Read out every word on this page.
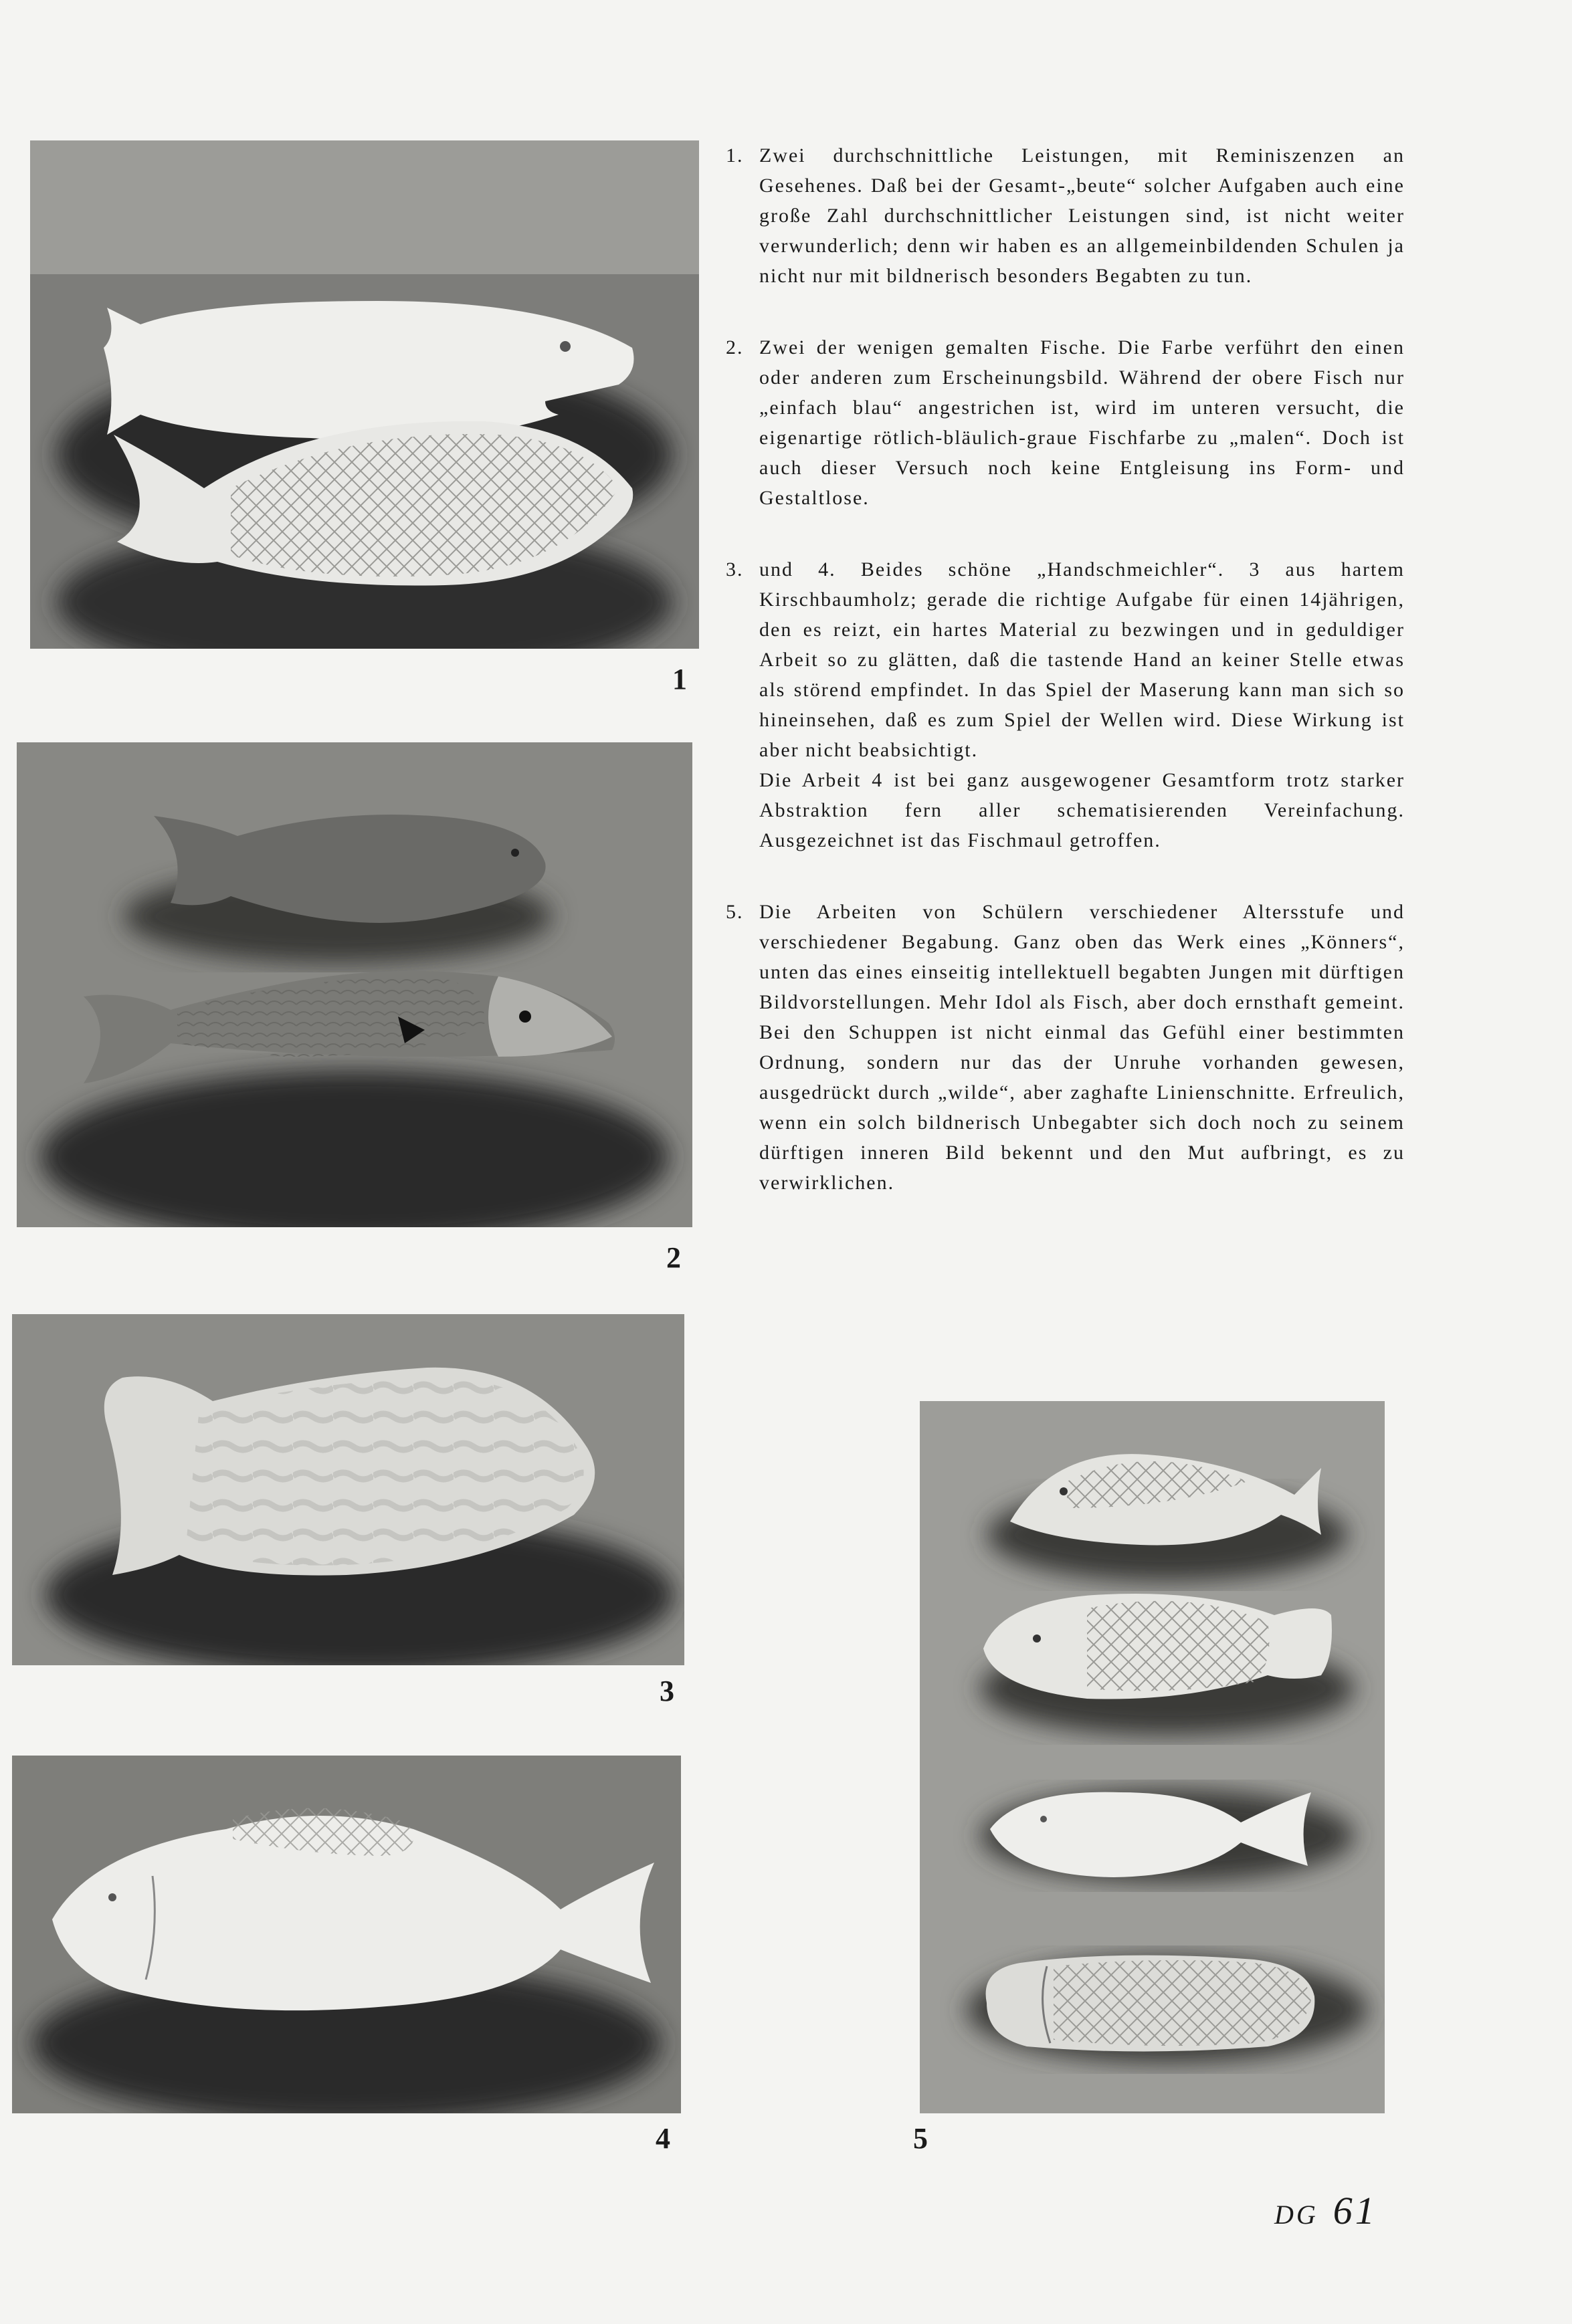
1
2
3
4	5
1. Zwei durchschnittliche Leistungen, mit Reminiszenzen an Gesehenes. Daß bei der Gesamt-„beute“ solcher Aufgaben auch eine große Zahl durchschnittlicher Leistungen sind, ist nicht weiter verwunderlich; denn wir haben es an allgemeinbildenden Schulen ja nicht nur mit bildnerisch besonders Begabten zu tun.

2. Zwei der wenigen gemalten Fische. Die Farbe verführt den einen oder anderen zum Erscheinungsbild. Während der obere Fisch nur „einfach blau“ angestrichen ist, wird im unteren versucht, die eigenartige rötlich-bläulich-graue Fischfarbe zu „malen“. Doch ist auch dieser Versuch noch keine Entgleisung ins Form- und Gestaltlose.

3. und 4. Beides schöne „Handschmeichler“. 3 aus hartem Kirschbaumholz; gerade die richtige Aufgabe für einen 14jährigen, den es reizt, ein hartes Material zu bezwingen und in geduldiger Arbeit so zu glätten, daß die tastende Hand an keiner Stelle etwas als störend empfindet. In das Spiel der Maserung kann man sich so hineinsehen, daß es zum Spiel der Wellen wird. Diese Wirkung ist aber nicht beabsichtigt.

Die Arbeit 4 ist bei ganz ausgewogener Gesamtform trotz starker Abstraktion fern aller schematisierenden Vereinfachung. Ausgezeichnet ist das Fischmaul getroffen.

5. Die Arbeiten von Schülern verschiedener Altersstufe und verschiedener Begabung. Ganz oben das Werk eines „Könners“, unten das eines einseitig intellektuell begabten Jungen mit dürftigen Bildvorstellungen. Mehr Idol als Fisch, aber doch ernsthaft gemeint. Bei den Schuppen ist nicht einmal das Gefühl einer bestimmten Ordnung, sondern nur das der Unruhe vorhanden gewesen, ausgedrückt durch „wilde“, aber zaghafte Linienschnitte. Erfreulich, wenn ein solch bildnerisch Unbegabter sich doch noch zu seinem dürftigen inneren Bild bekennt und den Mut aufbringt, es zu verwirklichen.

DG 61
